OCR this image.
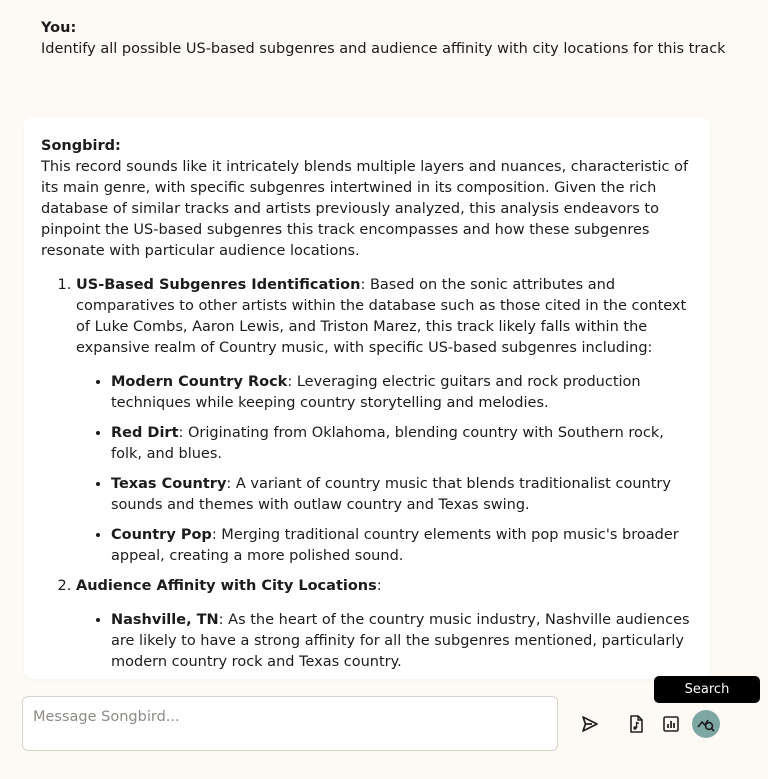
You:
Identify all possible US-based subgenres and audience affinity with city locations for this track
Songbird:

This record sounds like it intricately blends multiple layers and nuances, characteristic of its main genre, with specific subgenres intertwined in its composition. Given the rich database of similar tracks and artists previously analyzed, this analysis endeavors to pinpoint the US-based subgenres this track encompasses and how these subgenres resonate with particular audience locations.

1. US-Based Subgenres Identification: Based on the sonic attributes and comparatives to other artists within the database such as those cited in the context of Luke Combs, Aaron Lewis, and Triston Marez, this track likely falls within the expansive realm of Country music, with specific US-based subgenres including:
• Modern Country Rock: Leveraging electric guitars and rock production techniques while keeping country storytelling and melodies.
• Red Dirt: Originating from Oklahoma, blending country with Southern rock, folk, and blues.
• Texas Country: A variant of country music that blends traditionalist country sounds and themes with outlaw country and Texas swing.
• Country Pop: Merging traditional country elements with pop music's broader appeal, creating a more polished sound.
2. Audience Affinity with City Locations:
• Nashville, TN: As the heart of the country music industry, Nashville audiences are likely to have a strong affinity for all the subgenres mentioned, particularly modern country rock and Texas country.
Message Songbird...
Search
